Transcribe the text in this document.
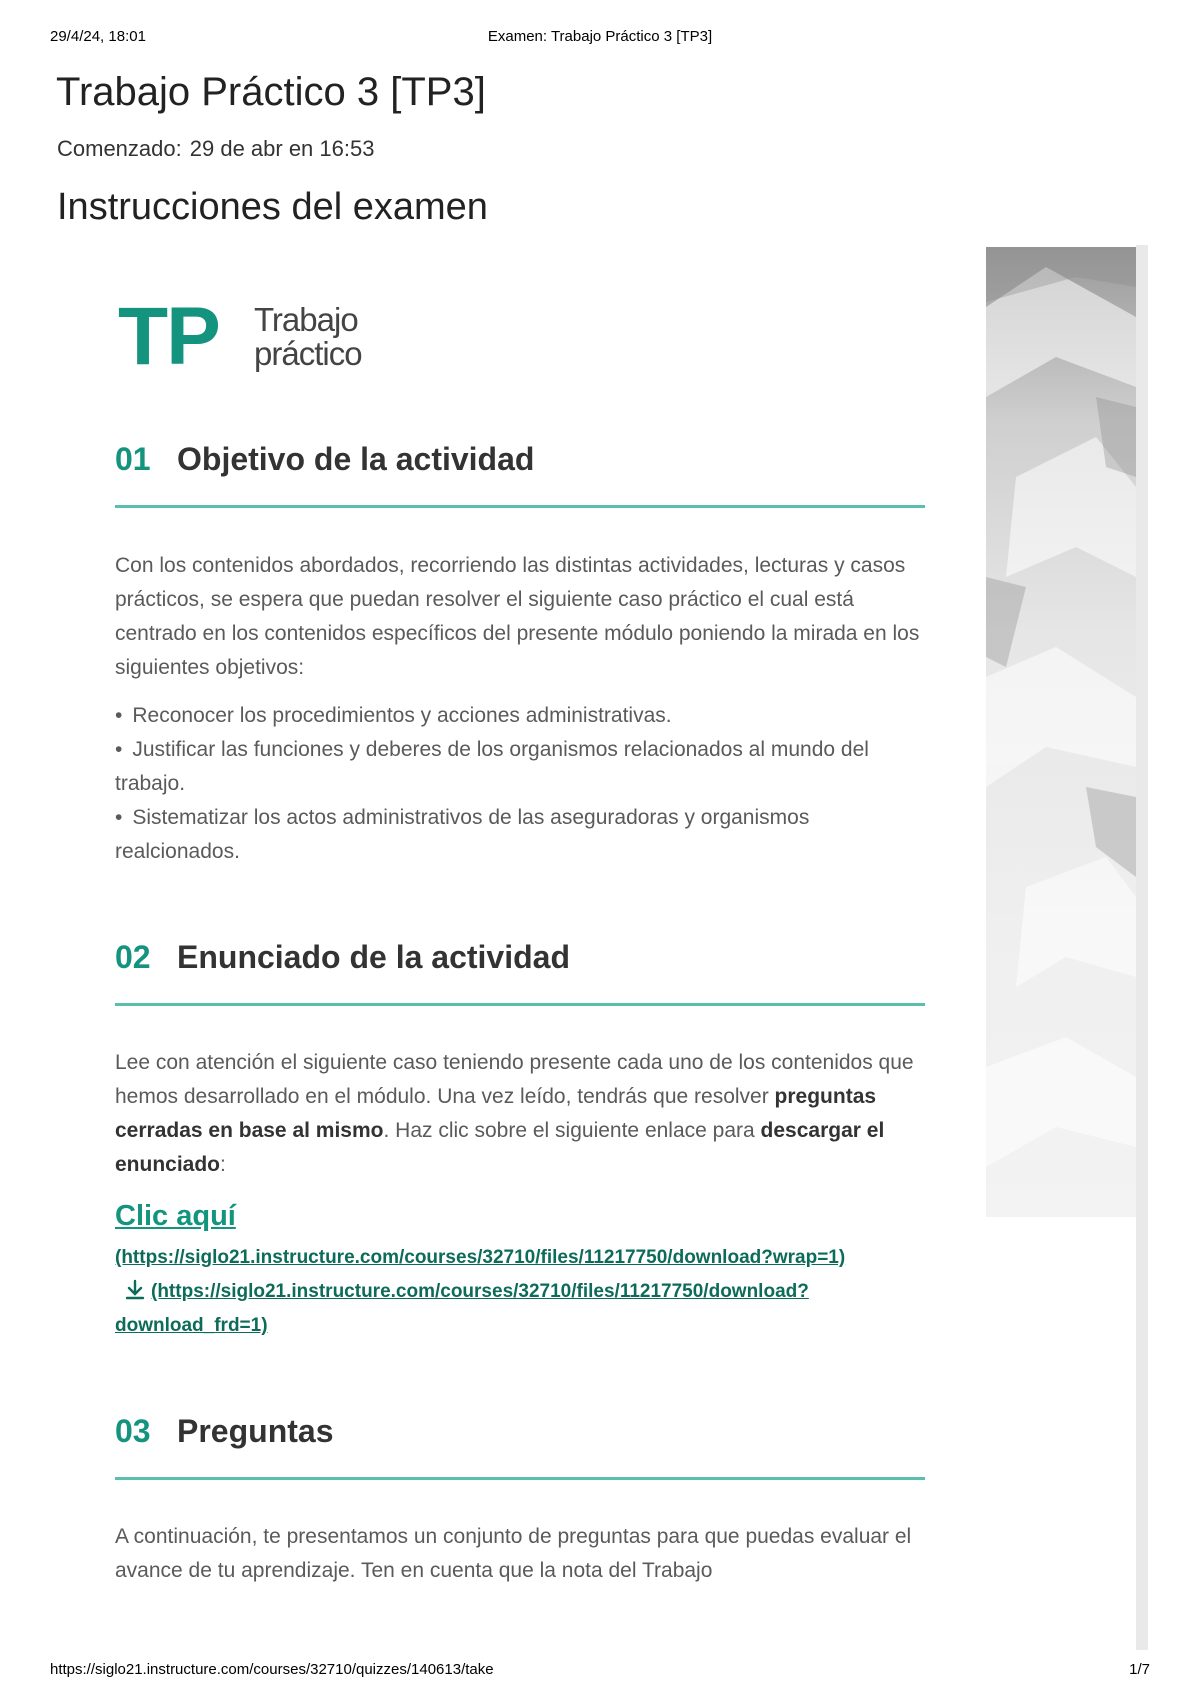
29/4/24, 18:01	Examen: Trabajo Práctico 3 [TP3]
Trabajo Práctico 3 [TP3]
Comenzado: 29 de abr en 16:53
Instrucciones del examen
TP Trabajo
práctico
01 Objetivo de la actividad

Con los contenidos abordados, recorriendo las distintas actividades, lecturas y casos prácticos, se espera que puedan resolver el siguiente caso práctico el cual está centrado en los contenidos específicos del presente módulo poniendo la mirada en los siguientes objetivos:

• Reconocer los procedimientos y acciones administrativas.
• Justificar las funciones y deberes de los organismos relacionados al mundo del trabajo.
• Sistematizar los actos administrativos de las aseguradoras y organismos realcionados.
02 Enunciado de la actividad

Lee con atención el siguiente caso teniendo presente cada uno de los contenidos que hemos desarrollado en el módulo. Una vez leído, tendrás que resolver preguntas cerradas en base al mismo. Haz clic sobre el siguiente enlace para descargar el enunciado:

Clic aquí
(https://siglo21.instructure.com/courses/32710/files/11217750/download?wrap=1)
(https://siglo21.instructure.com/courses/32710/files/11217750/download?download_frd=1)
03 Preguntas

A continuación, te presentamos un conjunto de preguntas para que puedas evaluar el avance de tu aprendizaje. Ten en cuenta que la nota del Trabajo

https://siglo21.instructure.com/courses/32710/quizzes/140613/take	1/7
